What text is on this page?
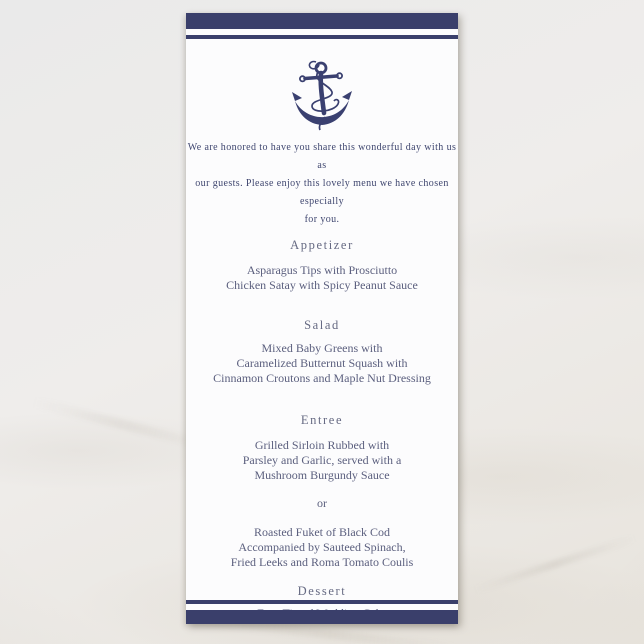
We are honored to have you share this wonderful day with us as
our guests. Please enjoy this lovely menu we have chosen especially
for you.
Appetizer
Asparagus Tips with Prosciutto
Chicken Satay with Spicy Peanut Sauce
Salad
Mixed Baby Greens with
Caramelized Butternut Squash with
Cinnamon Croutons and Maple Nut Dressing
Entree
Grilled Sirloin Rubbed with
Parsley and Garlic, served with a
Mushroom Burgundy Sauce
or
Roasted Fuket of Black Cod
Accompanied by Sauteed Spinach,
Fried Leeks and Roma Tomato Coulis
Dessert
